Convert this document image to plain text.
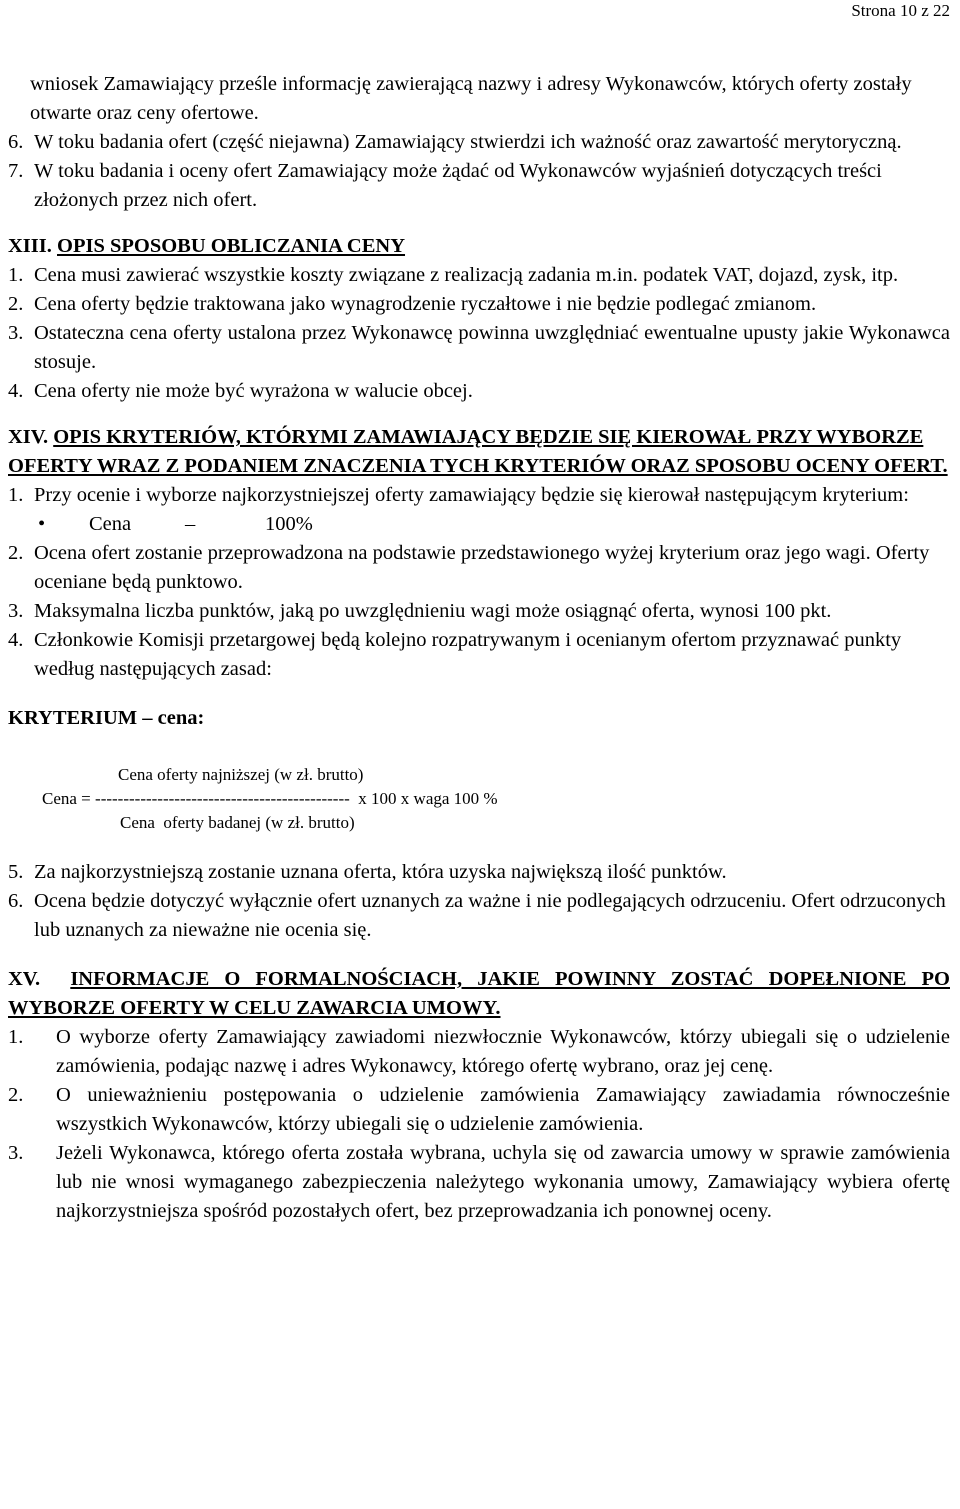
Strona 10 z 22

wniosek Zamawiający prześle informację zawierającą nazwy i adresy Wykonawców, których oferty zostały otwarte oraz ceny ofertowe.

6. W toku badania ofert (część niejawna) Zamawiający stwierdzi ich ważność oraz zawartość merytoryczną.
7. W toku badania i oceny ofert Zamawiający może żądać od Wykonawców wyjaśnień dotyczących treści złożonych przez nich ofert.

XIII.
OPIS SPOSOBU OBLICZANIA CENY

1. Cena musi zawierać wszystkie koszty związane z realizacją zadania m.in. podatek VAT, dojazd, zysk, itp.
2. Cena oferty będzie traktowana jako wynagrodzenie ryczałtowe i nie będzie podlegać zmianom.
3. Ostateczna cena oferty ustalona przez Wykonawcę powinna uwzględniać ewentualne upusty jakie Wykonawca stosuje.
4. Cena oferty nie może być wyrażona w walucie obcej.

XIV. OPIS KRYTERIÓW, KTÓRYMI ZAMAWIAJĄCY BĘDZIE SIĘ KIEROWAŁ PRZY WYBORZE OFERTY WRAZ Z PODANIEM ZNACZENIA TYCH KRYTERIÓW ORAZ SPOSOBU OCENY OFERT.

1. Przy ocenie i wyborze najkorzystniejszej oferty zamawiający będzie się kierował następującym kryterium:
•	Cena	–	100%
2. Ocena ofert zostanie przeprowadzona na podstawie przedstawionego wyżej kryterium oraz jego wagi. Oferty oceniane będą punktowo.
3. Maksymalna liczba punktów, jaką po uwzględnieniu wagi może osiągnąć oferta, wynosi 100 pkt.
4. Członkowie Komisji przetargowej będą kolejno rozpatrywanym i ocenianym ofertom przyznawać punkty według następujących zasad:

KRYTERIUM – cena:

Cena oferty najniższej (w zł. brutto)
Cena = ---------------------------------------------  x 100 x waga 100 %
Cena  oferty badanej (w zł. brutto)
5. Za najkorzystniejszą zostanie uznana oferta, która uzyska największą ilość punktów.
6. Ocena będzie dotyczyć wyłącznie ofert uznanych za ważne i nie podlegających odrzuceniu. Ofert odrzuconych lub uznanych za nieważne nie ocenia się.

XV. INFORMACJE O FORMALNOŚCIACH, JAKIE POWINNY ZOSTAĆ DOPEŁNIONE PO WYBORZE OFERTY W CELU ZAWARCIA UMOWY.

1.	O wyborze oferty Zamawiający zawiadomi niezwłocznie Wykonawców, którzy ubiegali się o udzielenie zamówienia, podając nazwę i adres Wykonawcy, którego ofertę wybrano, oraz jej cenę.
2.	O unieważnieniu postępowania o udzielenie zamówienia Zamawiający zawiadamia równocześnie wszystkich Wykonawców, którzy ubiegali się o udzielenie zamówienia.
3.	Jeżeli Wykonawca, którego oferta została wybrana, uchyla się od zawarcia umowy w sprawie zamówienia lub nie wnosi wymaganego zabezpieczenia należytego wykonania umowy, Zamawiający wybiera ofertę najkorzystniejsza spośród pozostałych ofert, bez przeprowadzania ich ponownej oceny.
